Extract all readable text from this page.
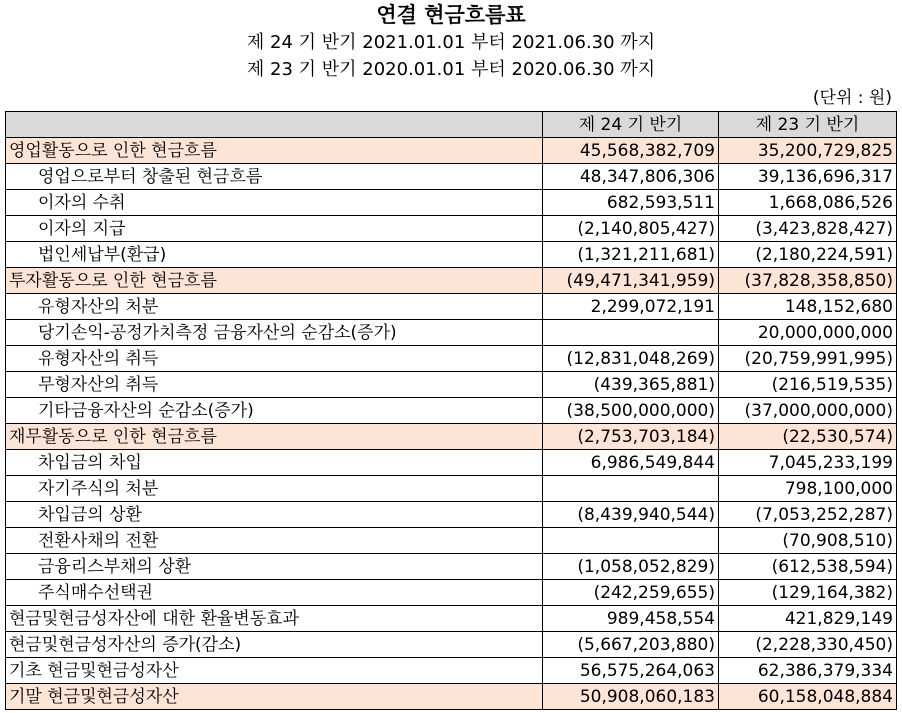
연결 현금흐름표
제 24 기 반기 2021.01.01 부터 2021.06.30 까지
제 23 기 반기 2020.01.01 부터 2020.06.30 까지
(단위 : 원)
	제 24 기 반기	제 23 기 반기
영업활동으로 인한 현금흐름	45,568,382,709	35,200,729,825
영업으로부터 창출된 현금흐름	48,347,806,306	39,136,696,317
이자의 수취	682,593,511	1,668,086,526
이자의 지급	(2,140,805,427)	(3,423,828,427)
법인세납부(환급)	(1,321,211,681)	(2,180,224,591)
투자활동으로 인한 현금흐름	(49,471,341,959)	(37,828,358,850)
유형자산의 처분	2,299,072,191	148,152,680
당기손익-공정가치측정 금융자산의 순감소(증가)		20,000,000,000
유형자산의 취득	(12,831,048,269)	(20,759,991,995)
무형자산의 취득	(439,365,881)	(216,519,535)
기타금융자산의 순감소(증가)	(38,500,000,000)	(37,000,000,000)
재무활동으로 인한 현금흐름	(2,753,703,184)	(22,530,574)
차입금의 차입	6,986,549,844	7,045,233,199
자기주식의 처분		798,100,000
차입금의 상환	(8,439,940,544)	(7,053,252,287)
전환사채의 전환		(70,908,510)
금융리스부채의 상환	(1,058,052,829)	(612,538,594)
주식매수선택권	(242,259,655)	(129,164,382)
현금및현금성자산에 대한 환율변동효과	989,458,554	421,829,149
현금및현금성자산의 증가(감소)	(5,667,203,880)	(2,228,330,450)
기초 현금및현금성자산	56,575,264,063	62,386,379,334
기말 현금및현금성자산	50,908,060,183	60,158,048,884
